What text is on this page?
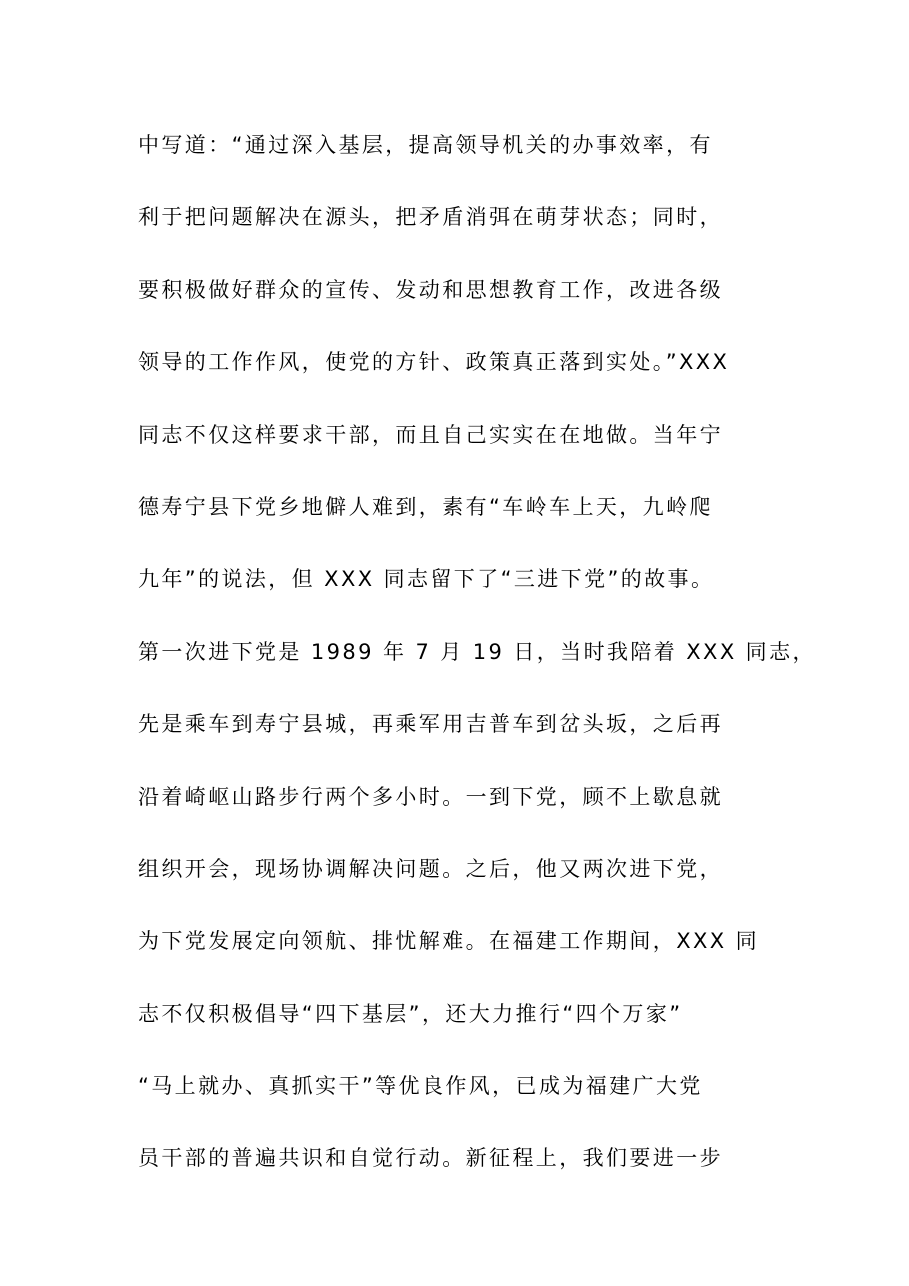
中写道：“通过深入基层，提高领导机关的办事效率，有
利于把问题解决在源头，把矛盾消弭在萌芽状态；同时，
要积极做好群众的宣传、发动和思想教育工作，改进各级
领导的工作作风，使党的方针、政策真正落到实处。”XXX
同志不仅这样要求干部，而且自己实实在在地做。当年宁
德寿宁县下党乡地僻人难到，素有“车岭车上天，九岭爬
九年”的说法，但 XXX 同志留下了“三进下党”的故事。
第一次进下党是 1989 年 7 月 19 日，当时我陪着 XXX 同志，
先是乘车到寿宁县城，再乘军用吉普车到岔头坂，之后再
沿着崎岖山路步行两个多小时。一到下党，顾不上歇息就
组织开会，现场协调解决问题。之后，他又两次进下党，
为下党发展定向领航、排忧解难。在福建工作期间，XXX 同
志不仅积极倡导“四下基层”，还大力推行“四个万家”
“马上就办、真抓实干”等优良作风，已成为福建广大党
员干部的普遍共识和自觉行动。新征程上，我们要进一步
